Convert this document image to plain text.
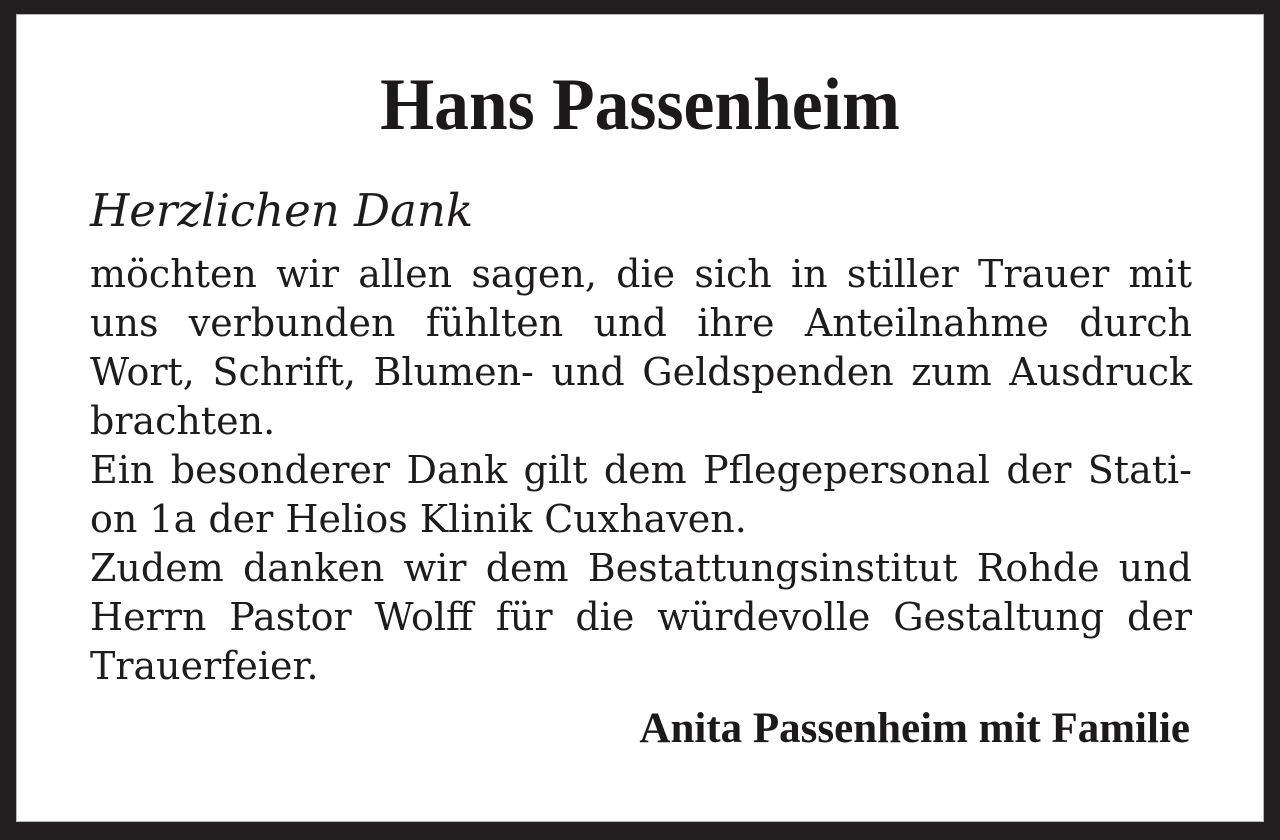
Hans Passenheim
Herzlichen Dank
möchten wir allen sagen, die sich in stiller Trauer mit
uns verbunden fühlten und ihre Anteilnahme durch
Wort, Schrift, Blumen- und Geldspenden zum Ausdruck
brachten.
Ein besonderer Dank gilt dem Pflegepersonal der Stati-
on 1a der Helios Klinik Cuxhaven.
Zudem danken wir dem Bestattungsinstitut Rohde und
Herrn Pastor Wolff für die würdevolle Gestaltung der
Trauerfeier.
Anita Passenheim mit Familie
